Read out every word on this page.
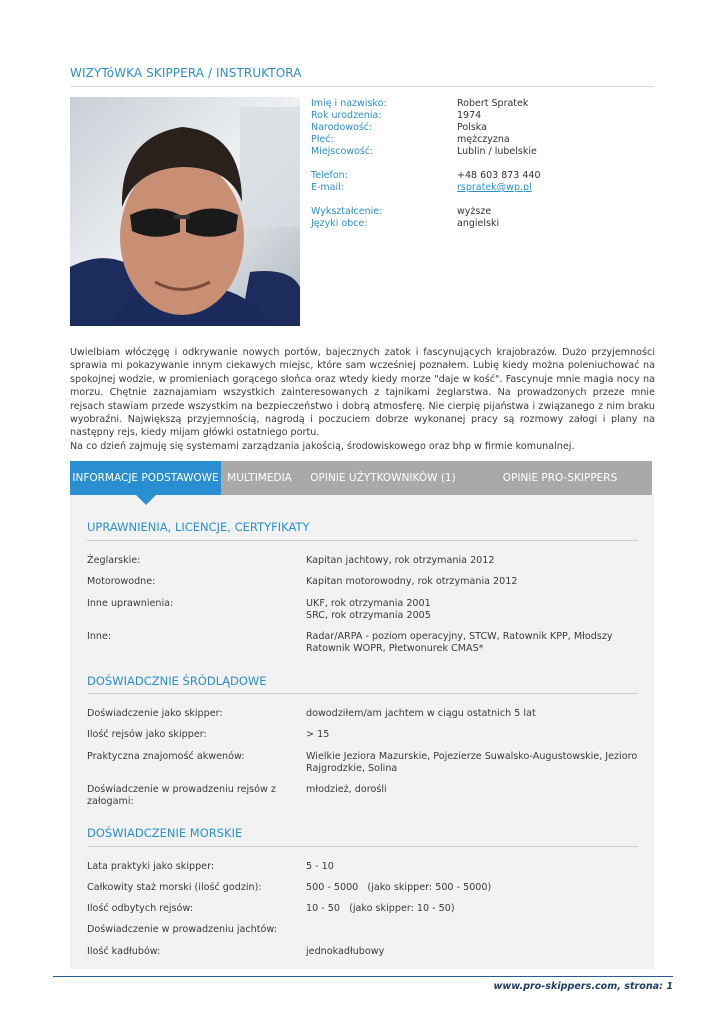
WIZYTóWKA SKIPPERA / INSTRUKTORA
Imię i nazwisko:	Robert Spratek
Rok urodzenia:	1974
Narodowość:	Polska
Płeć:	mężczyzna
Miejscowość:	Lublin / lubelskie
Telefon:	+48 603 873 440
E-mail:	rspratek@wp.pl
Wykształcenie:	wyższe
Języki obce:	angielski

Uwielbiam włóczęgę i odkrywanie nowych portów, bajecznych zatok i fascynujących krajobrazów. Dużo przyjemności sprawia mi pokazywanie innym ciekawych miejsc, które sam wcześniej poznałem. Lubię kiedy można poleniuchować na spokojnej wodzie, w promieniach gorącego słońca oraz wtedy kiedy morze "daje w kość". Fascynuje mnie magia nocy na morzu. Chętnie zaznajamiam wszystkich zainteresowanych z tajnikami żeglarstwa. Na prowadzonych przeze mnie rejsach stawiam przede wszystkim na bezpieczeństwo i dobrą atmosferę. Nie cierpię pijaństwa i związanego z nim braku wyobraźni. Największą przyjemnością, nagrodą i poczuciem dobrze wykonanej pracy są rozmowy załogi i plany na następny rejs, kiedy mijam główki ostatniego portu.

Na co dzień zajmuję się systemami zarządzania jakością, środowiskowego oraz bhp w firmie komunalnej.

INFORMACJE PODSTAWOWE MULTIMEDIA	OPINIE UŻYTKOWNIKÓW (1)	OPINIE PRO-SKIPPERS
UPRAWNIENIA, LICENCJE, CERTYFIKATY
Żeglarskie:	Kapitan jachtowy, rok otrzymania 2012
Motorowodne:	Kapitan motorowodny, rok otrzymania 2012
Inne uprawnienia:	UKF, rok otrzymania 2001
SRC, rok otrzymania 2005
Inne:	Radar/ARPA - poziom operacyjny, STCW, Ratownik KPP, Młodszy Ratownik WOPR, Płetwonurek CMAS*
DOŚWIADCZNIE ŚRÓDLĄDOWE
Doświadczenie jako skipper:	dowodziłem/am jachtem w ciągu ostatnich 5 lat
Ilość rejsów jako skipper:	> 15
Praktyczna znajomość akwenów:	Wielkie Jeziora Mazurskie, Pojezierze Suwalsko-Augustowskie, Jezioro Rajgrodzkie, Solina
Doświadczenie w prowadzeniu rejsów z załogami:
młodzież, dorośli
DOŚWIADCZENIE MORSKIE
Lata praktyki jako skipper:	5 - 10
Całkowity staż morski (ilość godzin):	500 - 5000   (jako skipper: 500 - 5000)
Ilość odbytych rejsów:	10 - 50   (jako skipper: 10 - 50)
Doświadczenie w prowadzeniu jachtów:
Ilość kadłubów:	jednokadłubowy
www.pro-skippers.com, strona: 1
